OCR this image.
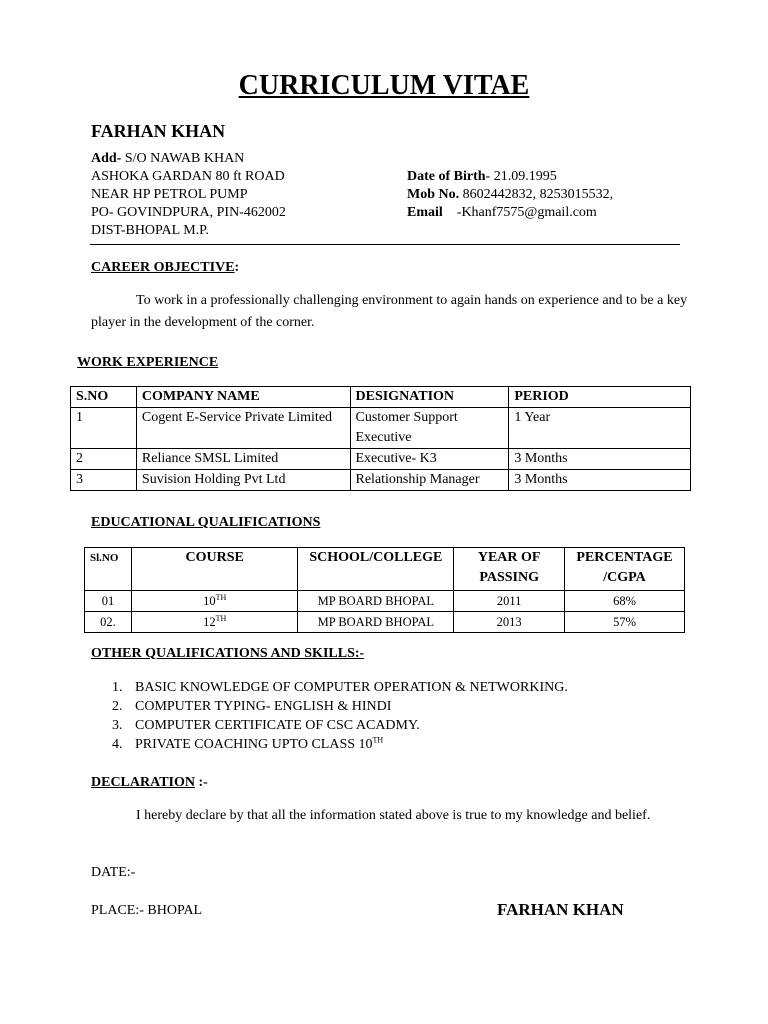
CURRICULUM VITAE
FARHAN KHAN
Add- S/O NAWAB KHAN
ASHOKA GARDAN 80 ft ROAD
NEAR HP PETROL PUMP
PO- GOVINDPURA, PIN-462002
DIST-BHOPAL M.P.
Date of Birth- 21.09.1995
Mob No. 8602442832, 8253015532,
Email -Khanf7575@gmail.com
CAREER OBJECTIVE:
To work in a professionally challenging environment to again hands on experience and to be a key player in the development of the corner.
WORK EXPERIENCE
S.NO	COMPANY NAME	DESIGNATION	PERIOD
1	Cogent E-Service Private Limited	Customer Support Executive	1 Year
2	Reliance SMSL Limited	Executive- K3	3 Months
3	Suvision Holding Pvt Ltd	Relationship Manager	3 Months
EDUCATIONAL QUALIFICATIONS
Sl.NO	COURSE	SCHOOL/COLLEGE	YEAR OF PASSING	PERCENTAGE /CGPA
01	10TH	MP BOARD BHOPAL	2011	68%
02.	12TH	MP BOARD BHOPAL	2013	57%
OTHER QUALIFICATIONS AND SKILLS:-
1. BASIC KNOWLEDGE OF COMPUTER OPERATION & NETWORKING.
2. COMPUTER TYPING- ENGLISH & HINDI
3. COMPUTER CERTIFICATE OF CSC ACADMY.
4. PRIVATE COACHING UPTO CLASS 10TH
DECLARATION :-
I hereby declare by that all the information stated above is true to my knowledge and belief.
DATE:-
PLACE:- BHOPAL	FARHAN KHAN
